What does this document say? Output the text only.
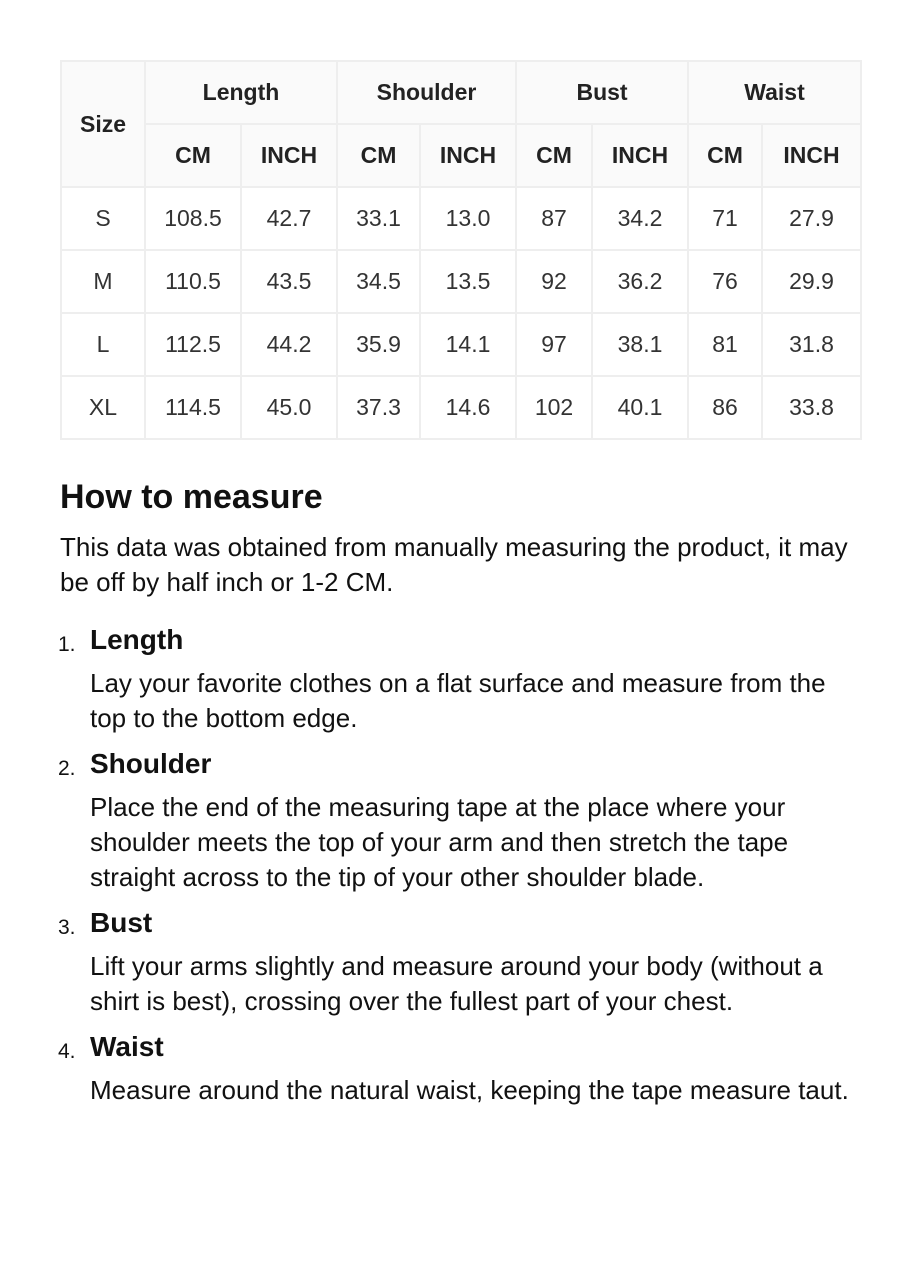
Size	Length		Shoulder		Bust		Waist	
	CM	INCH	CM	INCH	CM	INCH	CM	INCH
S	108.5	42.7	33.1	13.0	87	34.2	71	27.9
M	110.5	43.5	34.5	13.5	92	36.2	76	29.9
L	112.5	44.2	35.9	14.1	97	38.1	81	31.8
XL	114.5	45.0	37.3	14.6	102	40.1	86	33.8
How to measure

This data was obtained from manually measuring the product, it may be off by half inch or 1-2 CM.

1. Length
Lay your favorite clothes on a flat surface and measure from the top to the bottom edge.
2. Shoulder
Place the end of the measuring tape at the place where your shoulder meets the top of your arm and then stretch the tape straight across to the tip of your other shoulder blade.
3. Bust
Lift your arms slightly and measure around your body (without a shirt is best), crossing over the fullest part of your chest.
4. Waist
Measure around the natural waist, keeping the tape measure taut.
